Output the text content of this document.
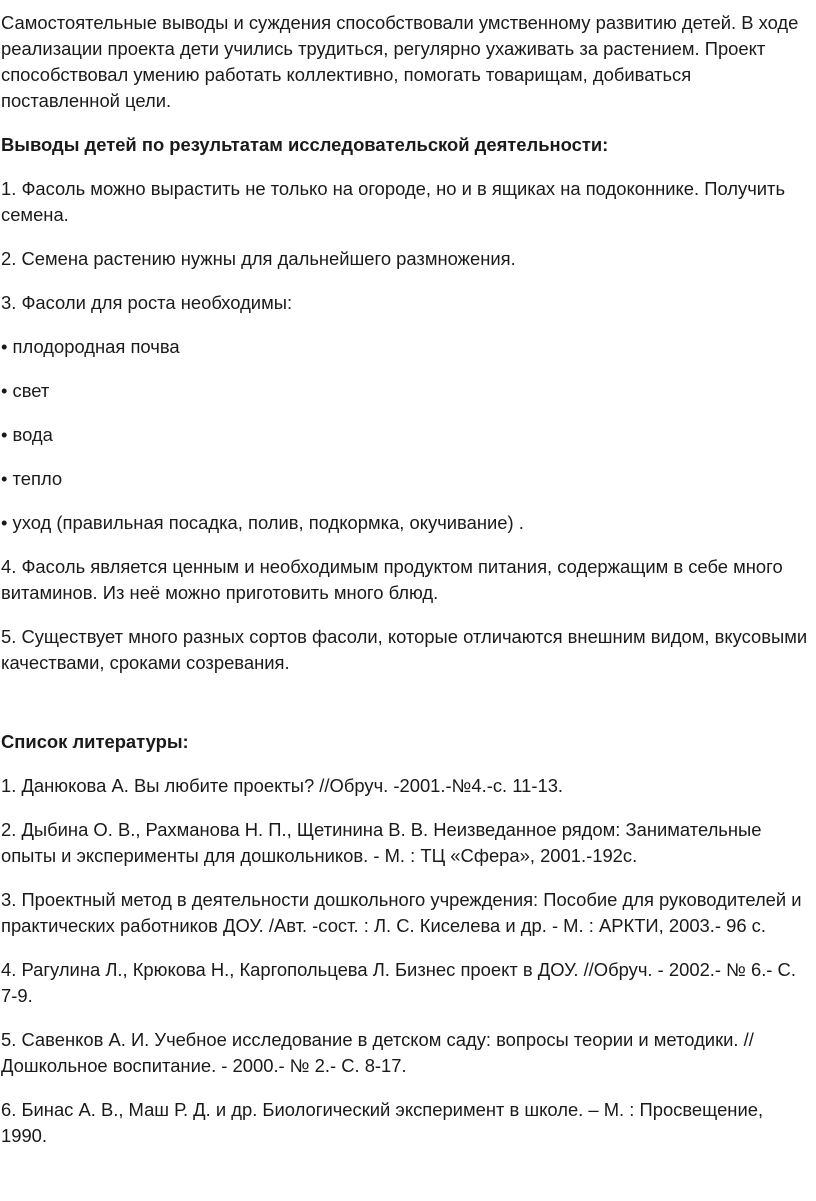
Самостоятельные выводы и суждения способствовали умственному развитию детей. В ходе реализации проекта дети учились трудиться, регулярно ухаживать за растением. Проект способствовал умению работать коллективно, помогать товарищам, добиваться поставленной цели.

Выводы детей по результатам исследовательской деятельности:

1. Фасоль можно вырастить не только на огороде, но и в ящиках на подоконнике. Получить семена.

2. Семена растению нужны для дальнейшего размножения.

3. Фасоли для роста необходимы:

• плодородная почва

• свет

• вода

• тепло

• уход (правильная посадка, полив, подкормка, окучивание) .

4. Фасоль является ценным и необходимым продуктом питания, содержащим в себе много витаминов. Из неё можно приготовить много блюд.

5. Существует много разных сортов фасоли, которые отличаются внешним видом, вкусовыми качествами, сроками созревания.

Список литературы:

1. Данюкова А. Вы любите проекты? //Обруч. -2001.-№4.-с. 11-13.

2. Дыбина О. В., Рахманова Н. П., Щетинина В. В. Неизведанное рядом: Занимательные опыты и эксперименты для дошкольников. - М. : ТЦ «Сфера», 2001.-192с.

3. Проектный метод в деятельности дошкольного учреждения: Пособие для руководителей и практических работников ДОУ. /Авт. -сост. : Л. С. Киселева и др. - М. : АРКТИ, 2003.- 96 с.

4. Рагулина Л., Крюкова Н., Каргопольцева Л. Бизнес проект в ДОУ. //Обруч. - 2002.- № 6.- С. 7-9.

5. Савенков А. И. Учебное исследование в детском саду: вопросы теории и методики. //Дошкольное воспитание. - 2000.- № 2.- С. 8-17.

6. Бинас А. В., Маш Р. Д. и др. Биологический эксперимент в школе. – М. : Просвещение, 1990.
